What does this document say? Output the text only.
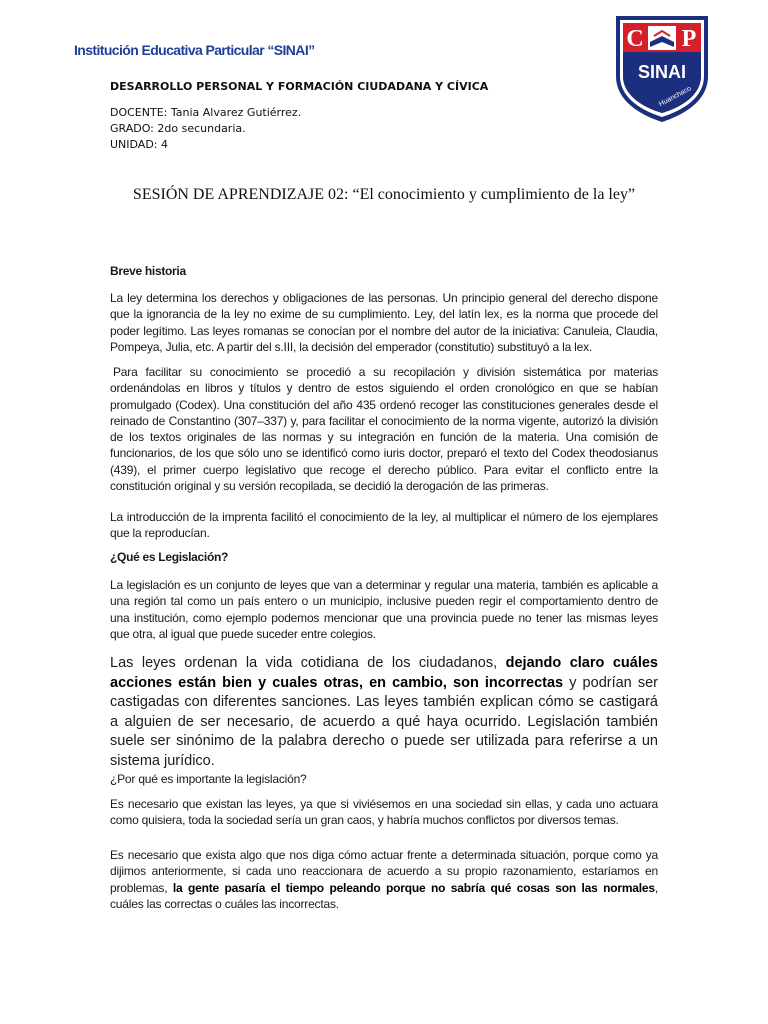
Institución Educativa Particular “SINAI”
DESARROLLO PERSONAL Y FORMACIÓN CIUDADANA Y CÍVICA
DOCENTE: Tania Alvarez Gutiérrez.
GRADO: 2do secundaria.
UNIDAD: 4
C P
SINAI
Huanchaco
SESIÓN DE APRENDIZAJE 02: “El conocimiento y cumplimiento de la ley”
Breve historia
La ley determina los derechos y obligaciones de las personas. Un principio general del derecho dispone que la ignorancia de la ley no exime de su cumplimiento. Ley, del latín lex, es la norma que procede del poder legítimo. Las leyes romanas se conocían por el nombre del autor de la iniciativa: Canuleia, Claudia, Pompeya, Julia, etc. A partir del s.III, la decisión del emperador (constitutio) substituyó a la lex.
Para facilitar su conocimiento se procedió a su recopilación y división sistemática por materias ordenándolas en libros y títulos y dentro de estos siguiendo el orden cronológico en que se habían promulgado (Codex). Una constitución del año 435 ordenó recoger las constituciones generales desde el reinado de Constantino (307–337) y, para facilitar el conocimiento de la norma vigente, autorizó la división de los textos originales de las normas y su integración en función de la materia. Una comisión de funcionarios, de los que sólo uno se identificó como iuris doctor, preparó el texto del Codex theodosianus (439), el primer cuerpo legislativo que recoge el derecho público. Para evitar el conflicto entre la constitución original y su versión recopilada, se decidió la derogación de las primeras.
La introducción de la imprenta facilitó el conocimiento de la ley, al multiplicar el número de los ejemplares que la reproducían.
¿Qué es Legislación?
La legislación es un conjunto de leyes que van a determinar y regular una materia, también es aplicable a una región tal como un país entero o un municipio, inclusive pueden regir el comportamiento dentro de una institución, como ejemplo podemos mencionar que una provincia puede no tener las mismas leyes que otra, al igual que puede suceder entre colegios.
Las leyes ordenan la vida cotidiana de los ciudadanos, dejando claro cuáles acciones están bien y cuales otras, en cambio, son incorrectas y podrían ser castigadas con diferentes sanciones. Las leyes también explican cómo se castigará a alguien de ser necesario, de acuerdo a qué haya ocurrido. Legislación también suele ser sinónimo de la palabra derecho o puede ser utilizada para referirse a un sistema jurídico.
¿Por qué es importante la legislación?
Es necesario que existan las leyes, ya que si viviésemos en una sociedad sin ellas, y cada uno actuara como quisiera, toda la sociedad sería un gran caos, y habría muchos conflictos por diversos temas.
Es necesario que exista algo que nos diga cómo actuar frente a determinada situación, porque como ya dijimos anteriormente, si cada uno reaccionara de acuerdo a su propio razonamiento, estaríamos en problemas, la gente pasaría el tiempo peleando porque no sabría qué cosas son las normales, cuáles las correctas o cuáles las incorrectas.
